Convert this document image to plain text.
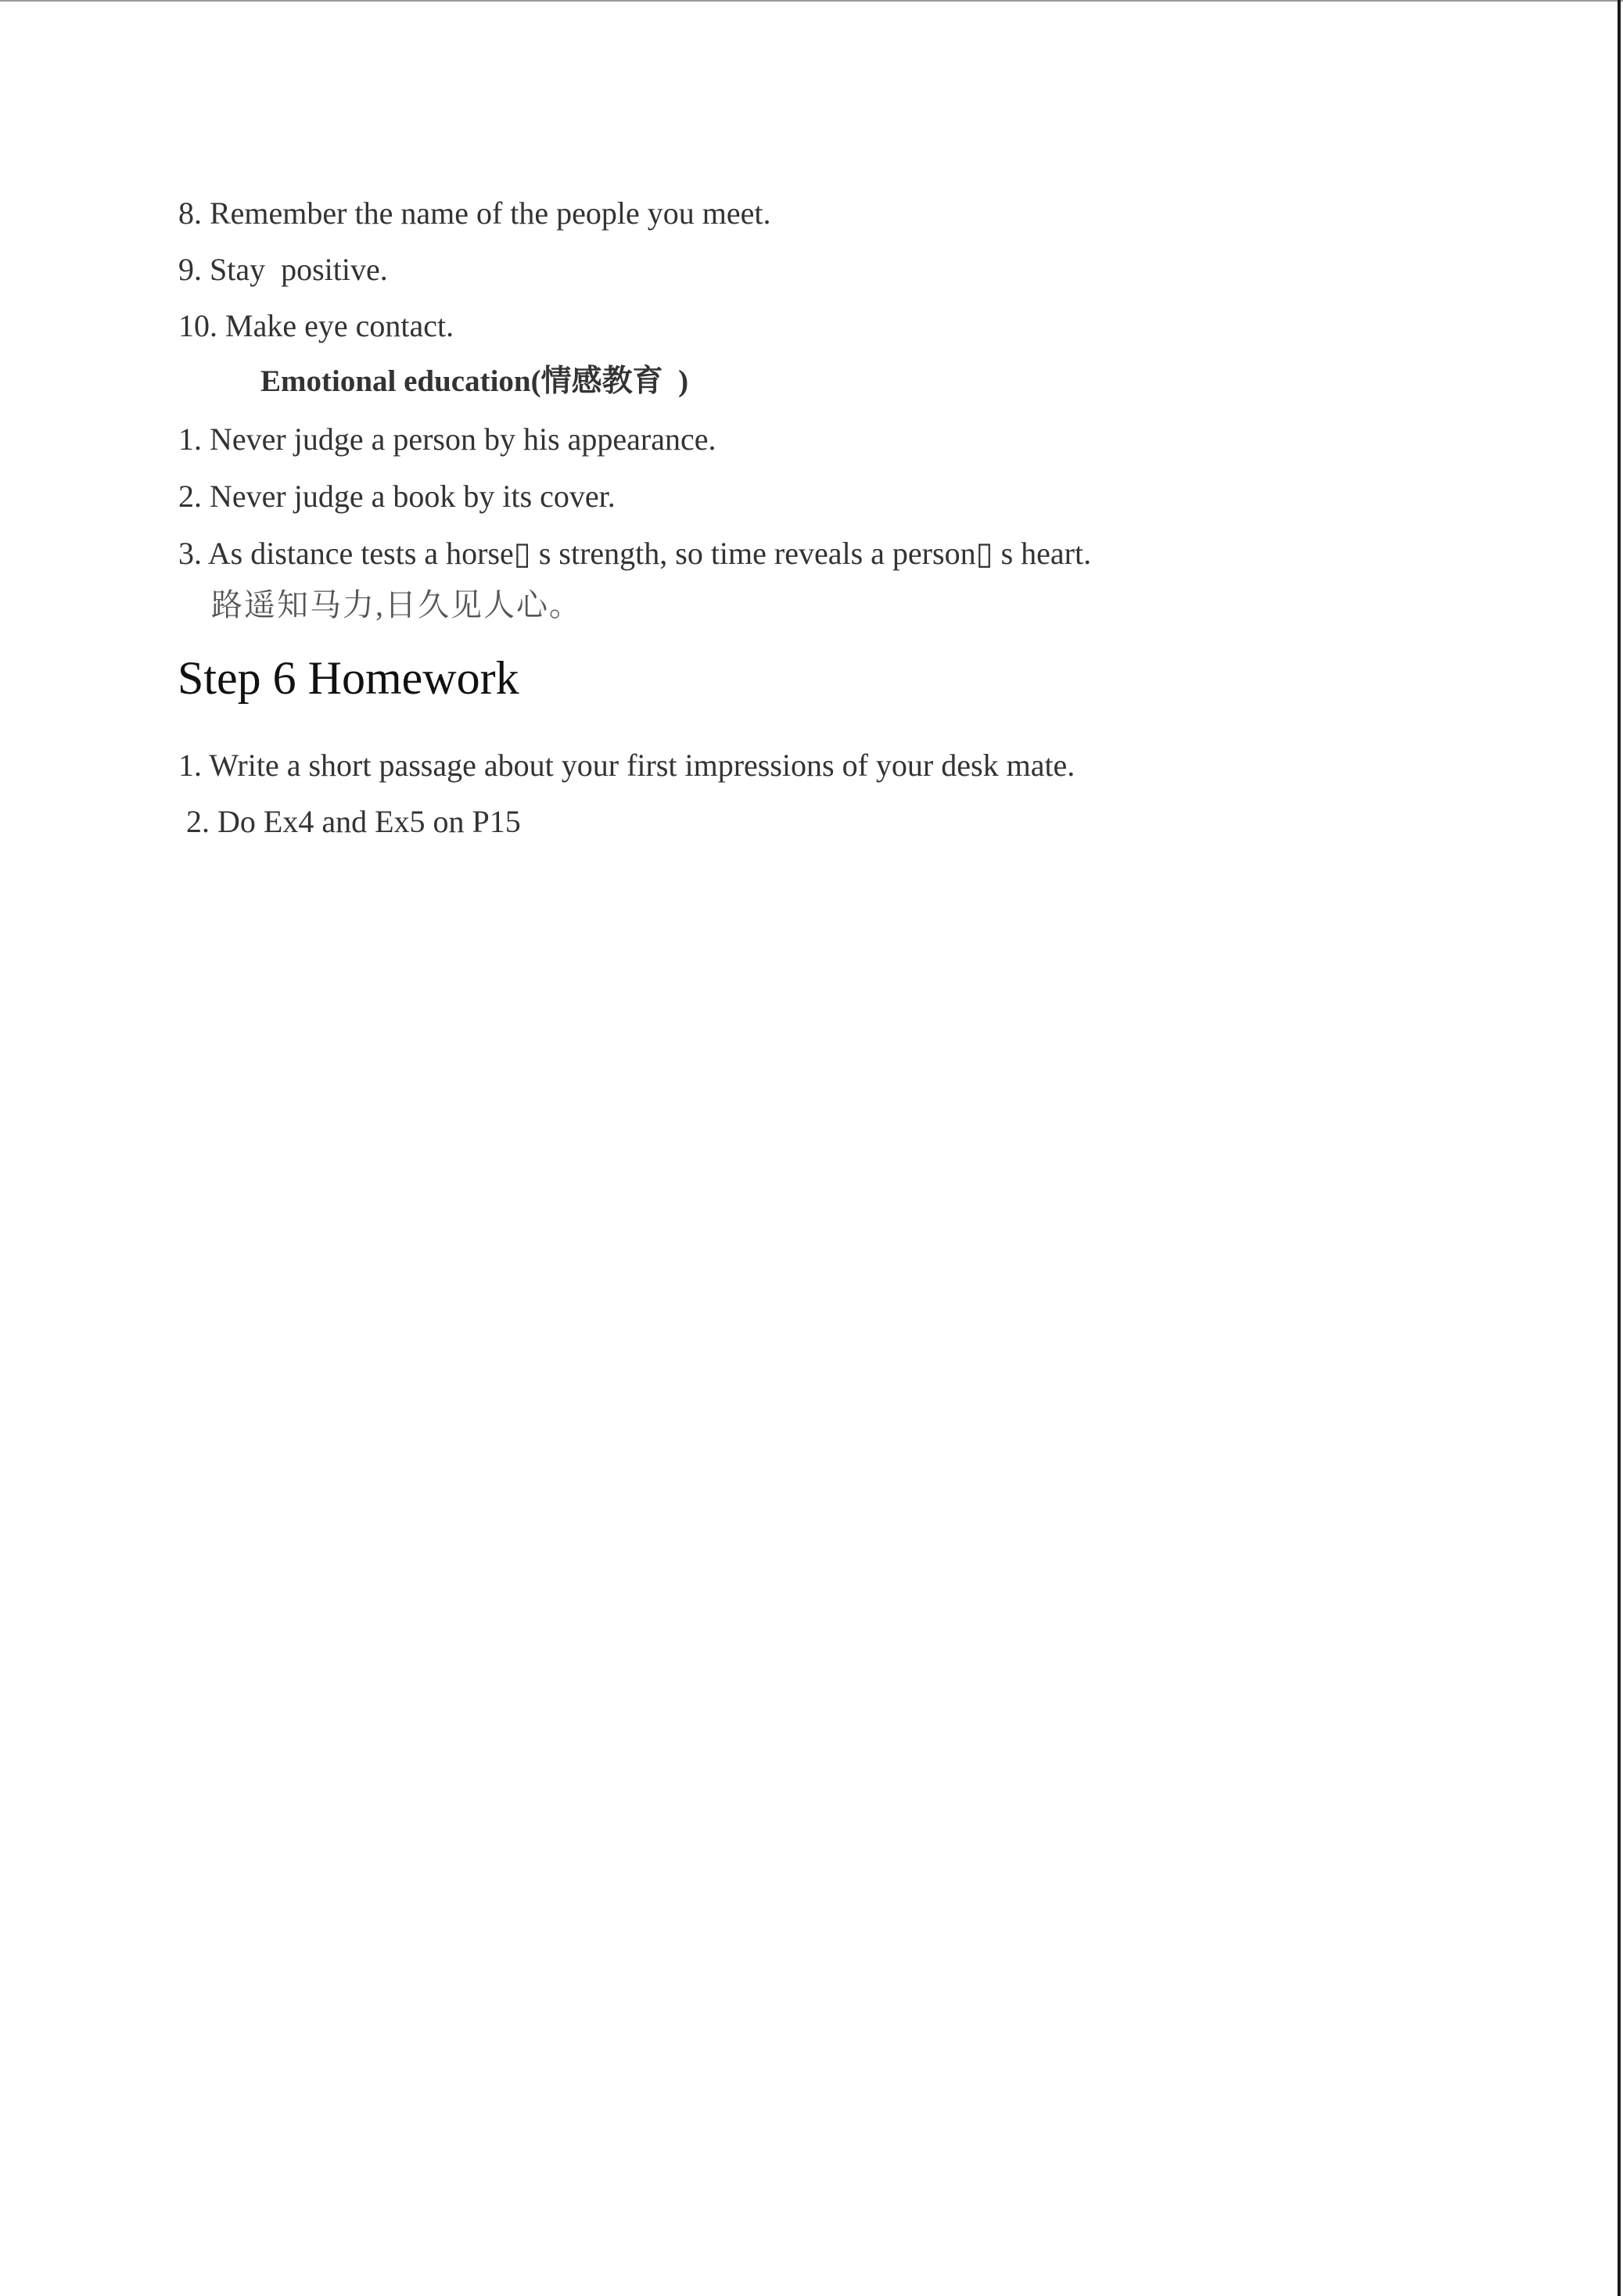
8. Remember the name of the people you meet.

9. Stay  positive.

10. Make eye contact.

Emotional education(情感教育  )

1. Never judge a person by his appearance.

2. Never judge a book by its cover.

3. As distance tests a horse▯ s strength, so time reveals a person▯ s heart.

路遥知马力,日久见人心。

Step 6 Homework

1. Write a short passage about your first impressions of your desk mate.

2. Do Ex4 and Ex5 on P15
